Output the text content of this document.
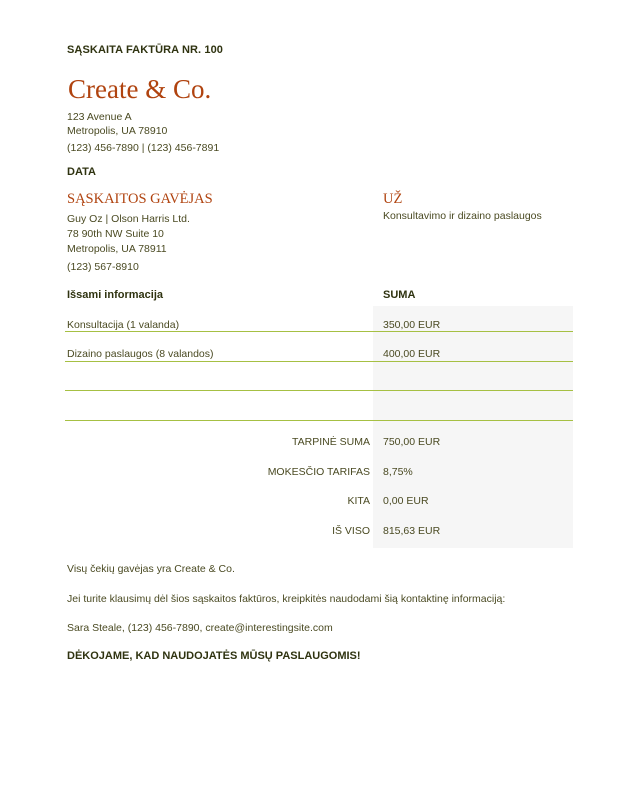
SĄSKAITA FAKTŪRA NR. 100
Create & Co.
123 Avenue A
Metropolis, UA 78910
(123) 456-7890 | (123) 456-7891
DATA
SĄSKAITOS GAVĖJAS
Guy Oz | Olson Harris Ltd.
78 90th NW Suite 10
Metropolis, UA 78911
(123) 567-8910
UŽ
Konsultavimo ir dizaino paslaugos
Išsami informacija	SUMA
Konsultacija (1 valanda)	350,00 EUR
Dizaino paslaugos (8 valandos)	400,00 EUR
TARPINĖ SUMA 750,00 EUR
MOKESČIO TARIFAS 8,75%
KITA 0,00 EUR
IŠ VISO 815,63 EUR
Visų čekių gavėjas yra Create & Co.
Jei turite klausimų dėl šios sąskaitos faktūros, kreipkitės naudodami šią kontaktinę informaciją:
Sara Steale, (123) 456-7890, create@interestingsite.com
DĖKOJAME, KAD NAUDOJATĖS MŪSŲ PASLAUGOMIS!
